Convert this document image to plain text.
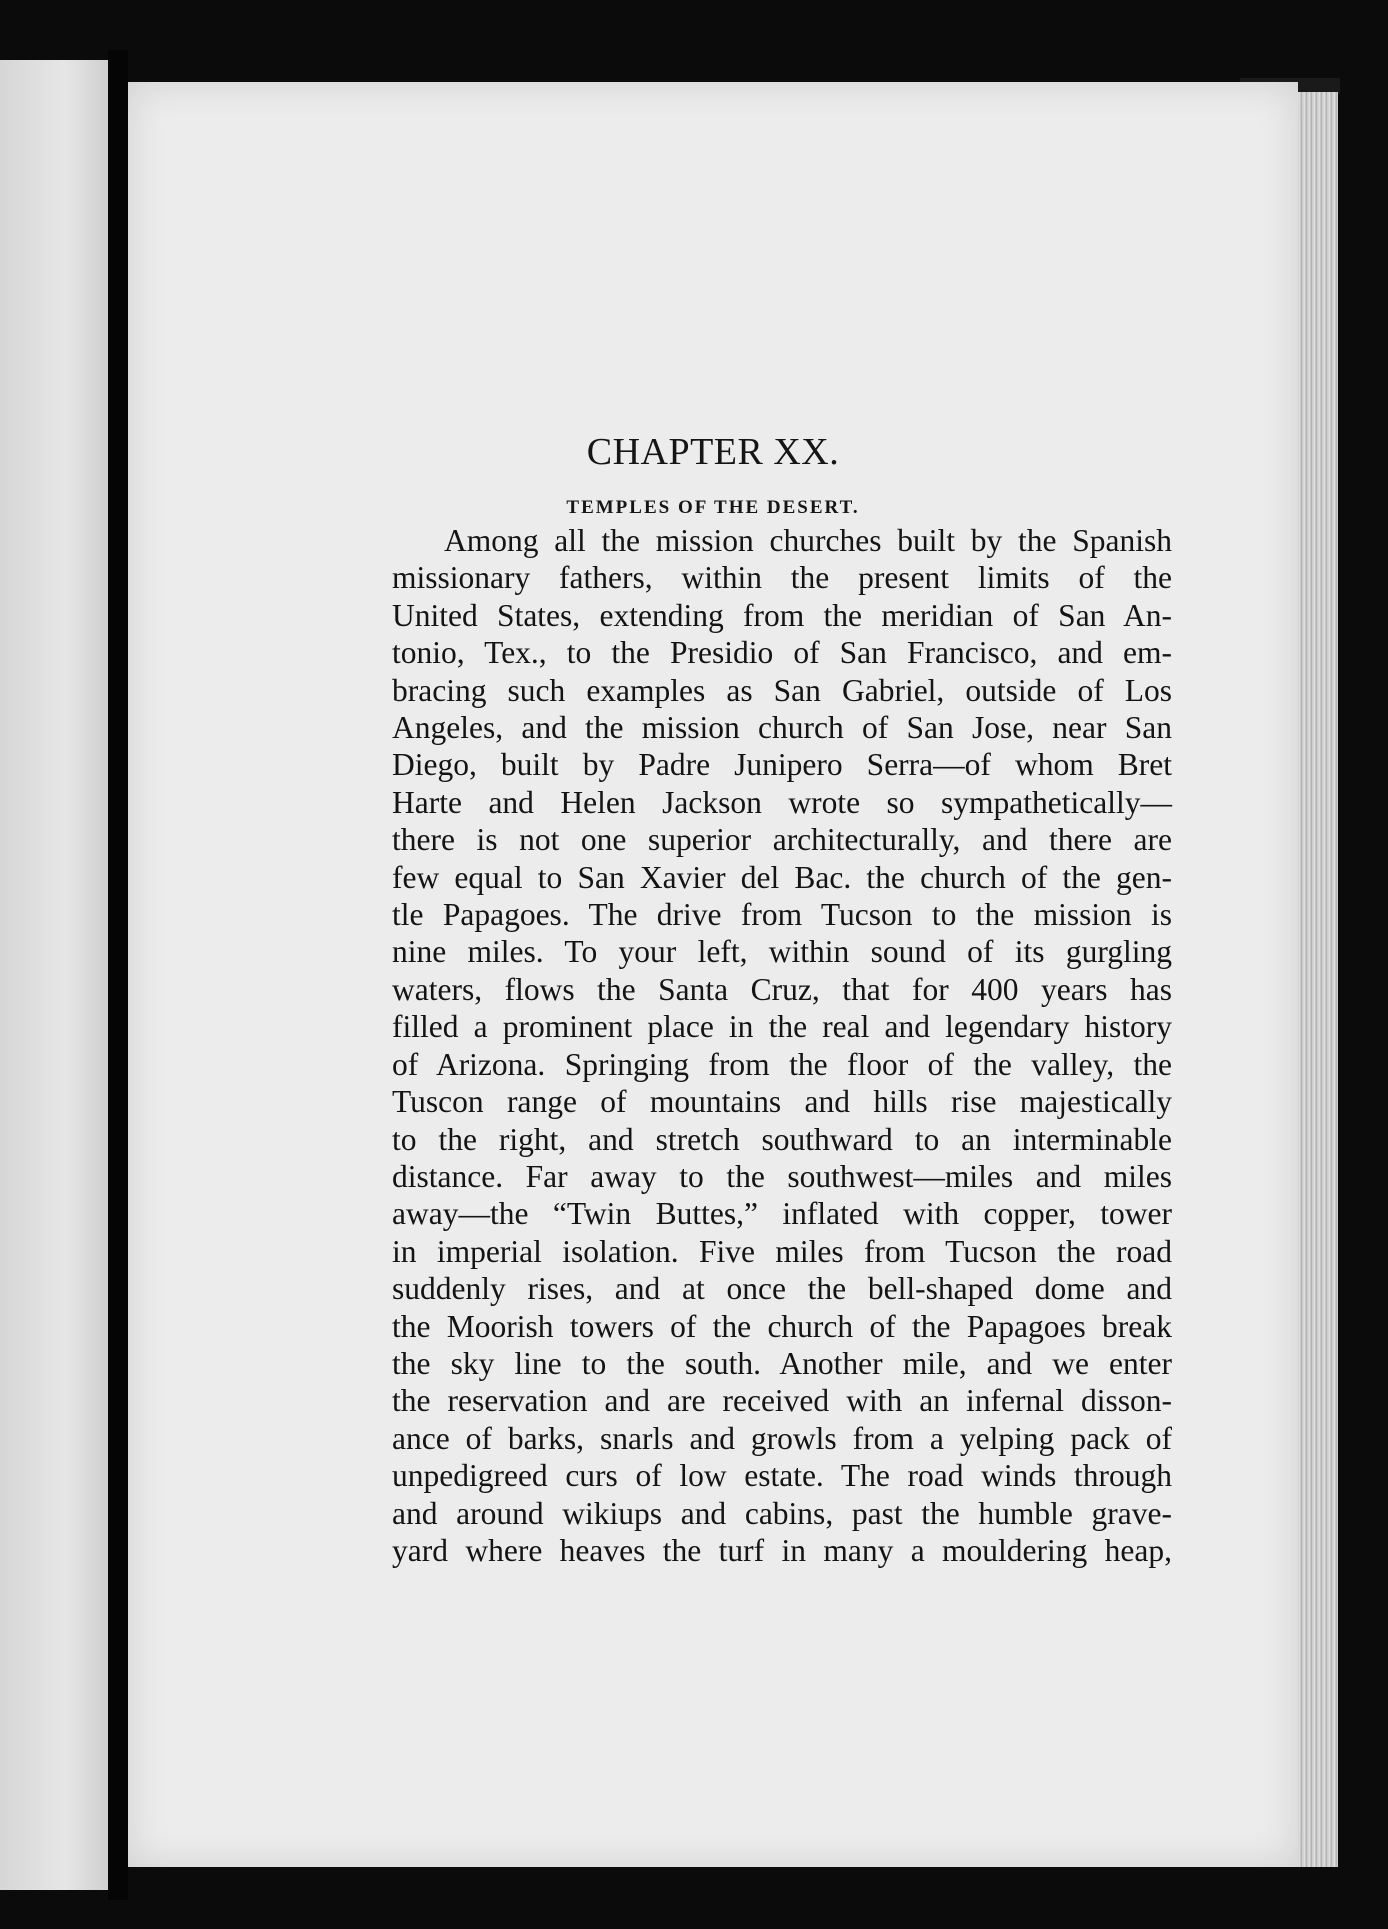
CHAPTER XX.
TEMPLES OF THE DESERT.

Among all the mission churches built by the Spanish
missionary fathers, within the present limits of the
United States, extending from the meridian of San An-
tonio, Tex., to the Presidio of San Francisco, and em-
bracing such examples as San Gabriel, outside of Los
Angeles, and the mission church of San Jose, near San
Diego, built by Padre Junipero Serra—of whom Bret
Harte and Helen Jackson wrote so sympathetically—
there is not one superior architecturally, and there are
few equal to San Xavier del Bac. the church of the gen-
tle Papagoes. The drive from Tucson to the mission is
nine miles. To your left, within sound of its gurgling
waters, flows the Santa Cruz, that for 400 years has
filled a prominent place in the real and legendary history
of Arizona. Springing from the floor of the valley, the
Tuscon range of mountains and hills rise majestically
to the right, and stretch southward to an interminable
distance. Far away to the southwest—miles and miles
away—the “Twin Buttes,” inflated with copper, tower
in imperial isolation. Five miles from Tucson the road
suddenly rises, and at once the bell-shaped dome and
the Moorish towers of the church of the Papagoes break
the sky line to the south. Another mile, and we enter
the reservation and are received with an infernal disson-
ance of barks, snarls and growls from a yelping pack of
unpedigreed curs of low estate. The road winds through
and around wikiups and cabins, past the humble grave-
yard where heaves the turf in many a mouldering heap,
